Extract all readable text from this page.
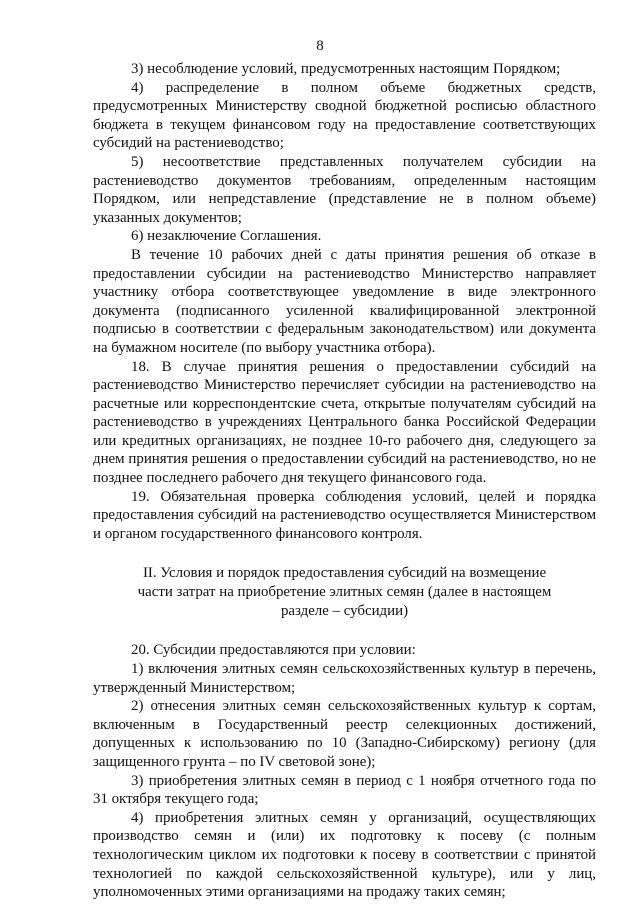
8

3) несоблюдение условий, предусмотренных настоящим Порядком;

4) распределение в полном объеме бюджетных средств, предусмотренных Министерству сводной бюджетной росписью областного бюджета в текущем финансовом году на предоставление соответствующих субсидий на растениеводство;

5) несоответствие представленных получателем субсидии на растениеводство документов требованиям, определенным настоящим Порядком, или непредставление (представление не в полном объеме) указанных документов;

6) незаключение Соглашения.

В течение 10 рабочих дней с даты принятия решения об отказе в предоставлении субсидии на растениеводство Министерство направляет участнику отбора соответствующее уведомление в виде электронного документа (подписанного усиленной квалифицированной электронной подписью в соответствии с федеральным законодательством) или документа на бумажном носителе (по выбору участника отбора).

18. В случае принятия решения о предоставлении субсидий на растениеводство Министерство перечисляет субсидии на растениеводство на расчетные или корреспондентские счета, открытые получателям субсидий на растениеводство в учреждениях Центрального банка Российской Федерации или кредитных организациях, не позднее 10-го рабочего дня, следующего за днем принятия решения о предоставлении субсидий на растениеводство, но не позднее последнего рабочего дня текущего финансового года.

19. Обязательная проверка соблюдения условий, целей и порядка предоставления субсидий на растениеводство осуществляется Министерством и органом государственного финансового контроля.

II. Условия и порядок предоставления субсидий на возмещение части затрат на приобретение элитных семян (далее в настоящем разделе – субсидии)

20. Субсидии предоставляются при условии:

1) включения элитных семян сельскохозяйственных культур в перечень, утвержденный Министерством;

2) отнесения элитных семян сельскохозяйственных культур к сортам, включенным в Государственный реестр селекционных достижений, допущенных к использованию по 10 (Западно-Сибирскому) региону (для защищенного грунта – по IV световой зоне);

3) приобретения элитных семян в период с 1 ноября отчетного года по 31 октября текущего года;

4) приобретения элитных семян у организаций, осуществляющих производство семян и (или) их подготовку к посеву (с полным технологическим циклом их подготовки к посеву в соответствии с принятой технологией по каждой сельскохозяйственной культуре), или у лиц, уполномоченных этими организациями на продажу таких семян;
